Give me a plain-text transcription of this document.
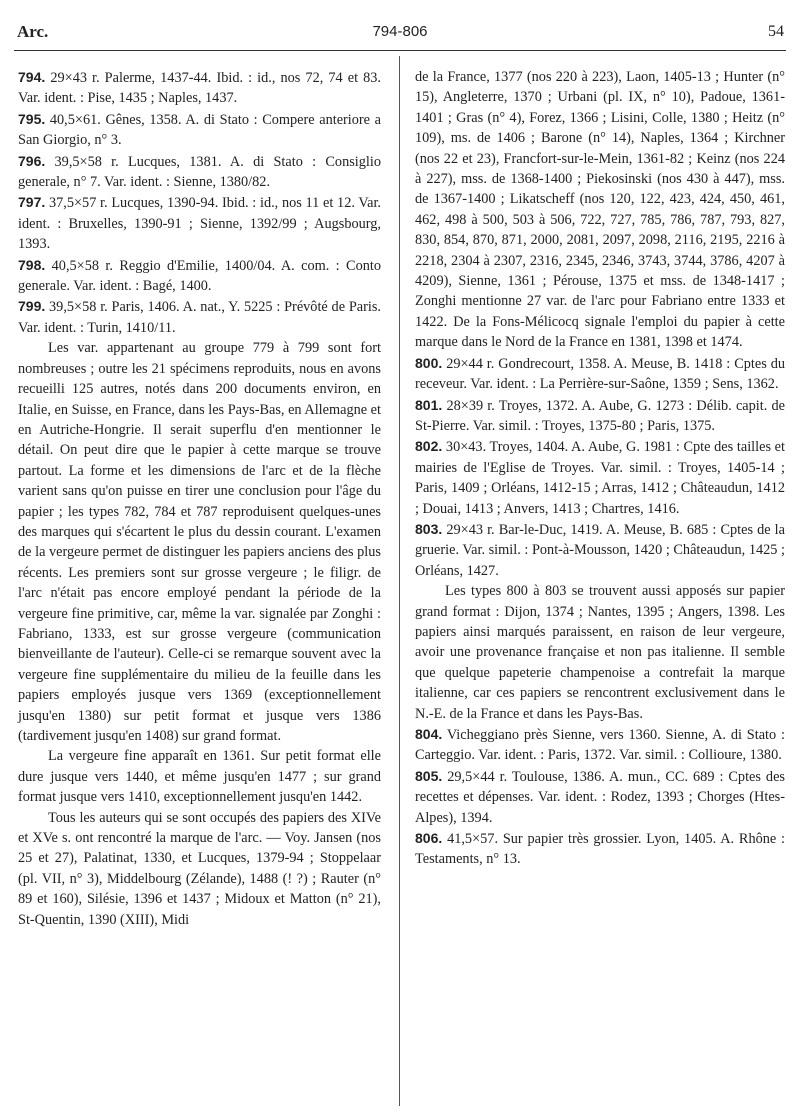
Arc.	794-806	54

794. 29×43 r. Palerme, 1437-44. Ibid. : id., nos 72, 74 et 83. Var. ident. : Pise, 1435 ; Naples, 1437.

795. 40,5×61. Gênes, 1358. A. di Stato : Compere anteriore a San Giorgio, n° 3.

796. 39,5×58 r. Lucques, 1381. A. di Stato : Consiglio generale, n° 7. Var. ident. : Sienne, 1380/82.

797. 37,5×57 r. Lucques, 1390-94. Ibid. : id., nos 11 et 12. Var. ident. : Bruxelles, 1390-91 ; Sienne, 1392/99 ; Augsbourg, 1393.

798. 40,5×58 r. Reggio d'Emilie, 1400/04. A. com. : Conto generale. Var. ident. : Bagé, 1400.

799. 39,5×58 r. Paris, 1406. A. nat., Y. 5225 : Prévôté de Paris. Var. ident. : Turin, 1410/11.

Les var. appartenant au groupe 779 à 799 sont fort nombreuses ; outre les 21 spécimens reproduits, nous en avons recueilli 125 autres, notés dans 200 documents environ, en Italie, en Suisse, en France, dans les Pays-Bas, en Allemagne et en Autriche-Hongrie. Il serait superflu d'en mentionner le détail. On peut dire que le papier à cette marque se trouve partout. La forme et les dimensions de l'arc et de la flèche varient sans qu'on puisse en tirer une conclusion pour l'âge du papier ; les types 782, 784 et 787 reproduisent quelques-unes des marques qui s'écartent le plus du dessin courant. L'examen de la vergeure permet de distinguer les papiers anciens des plus récents. Les premiers sont sur grosse vergeure ; le filigr. de l'arc n'était pas encore employé pendant la période de la vergeure fine primitive, car, même la var. signalée par Zonghi : Fabriano, 1333, est sur grosse vergeure (communication bienveillante de l'auteur). Celle-ci se remarque souvent avec la vergeure fine supplémentaire du milieu de la feuille dans les papiers employés jusque vers 1369 (exceptionnellement jusqu'en 1380) sur petit format et jusque vers 1386 (tardivement jusqu'en 1408) sur grand format.

La vergeure fine apparaît en 1361. Sur petit format elle dure jusque vers 1440, et même jusqu'en 1477 ; sur grand format jusque vers 1410, exceptionnellement jusqu'en 1442.

Tous les auteurs qui se sont occupés des papiers des XIVe et XVe s. ont rencontré la marque de l'arc. — Voy. Jansen (nos 25 et 27), Palatinat, 1330, et Lucques, 1379-94 ; Stoppelaar (pl. VII, n° 3), Middelbourg (Zélande), 1488 (! ?) ; Rauter (n° 89 et 160), Silésie, 1396 et 1437 ; Midoux et Matton (n° 21), St-Quentin, 1390 (XIII), Midi

de la France, 1377 (nos 220 à 223), Laon, 1405-13 ; Hunter (n° 15), Angleterre, 1370 ; Urbani (pl. IX, n° 10), Padoue, 1361-1401 ; Gras (n° 4), Forez, 1366 ; Lisini, Colle, 1380 ; Heitz (n° 109), ms. de 1406 ; Barone (n° 14), Naples, 1364 ; Kirchner (nos 22 et 23), Francfort-sur-le-Mein, 1361-82 ; Keinz (nos 224 à 227), mss. de 1368-1400 ; Piekosinski (nos 430 à 447), mss. de 1367-1400 ; Likatscheff (nos 120, 122, 423, 424, 450, 461, 462, 498 à 500, 503 à 506, 722, 727, 785, 786, 787, 793, 827, 830, 854, 870, 871, 2000, 2081, 2097, 2098, 2116, 2195, 2216 à 2218, 2304 à 2307, 2316, 2345, 2346, 3743, 3744, 3786, 4207 à 4209), Sienne, 1361 ; Pérouse, 1375 et mss. de 1348-1417 ; Zonghi mentionne 27 var. de l'arc pour Fabriano entre 1333 et 1422. De la Fons-Mélicocq signale l'emploi du papier à cette marque dans le Nord de la France en 1381, 1398 et 1474.

800. 29×44 r. Gondrecourt, 1358. A. Meuse, B. 1418 : Cptes du receveur. Var. ident. : La Perrière-sur-Saône, 1359 ; Sens, 1362.

801. 28×39 r. Troyes, 1372. A. Aube, G. 1273 : Délib. capit. de St-Pierre. Var. simil. : Troyes, 1375-80 ; Paris, 1375.

802. 30×43. Troyes, 1404. A. Aube, G. 1981 : Cpte des tailles et mairies de l'Eglise de Troyes. Var. simil. : Troyes, 1405-14 ; Paris, 1409 ; Orléans, 1412-15 ; Arras, 1412 ; Châteaudun, 1412 ; Douai, 1413 ; Anvers, 1413 ; Chartres, 1416.

803. 29×43 r. Bar-le-Duc, 1419. A. Meuse, B. 685 : Cptes de la gruerie. Var. simil. : Pont-à-Mousson, 1420 ; Châteaudun, 1425 ; Orléans, 1427.

Les types 800 à 803 se trouvent aussi apposés sur papier grand format : Dijon, 1374 ; Nantes, 1395 ; Angers, 1398. Les papiers ainsi marqués paraissent, en raison de leur vergeure, avoir une provenance française et non pas italienne. Il semble que quelque papeterie champenoise a contrefait la marque italienne, car ces papiers se rencontrent exclusivement dans le N.-E. de la France et dans les Pays-Bas.

804. Vicheggiano près Sienne, vers 1360. Sienne, A. di Stato : Carteggio. Var. ident. : Paris, 1372. Var. simil. : Collioure, 1380.

805. 29,5×44 r. Toulouse, 1386. A. mun., CC. 689 : Cptes des recettes et dépenses. Var. ident. : Rodez, 1393 ; Chorges (Htes-Alpes), 1394.

806. 41,5×57. Sur papier très grossier. Lyon, 1405. A. Rhône : Testaments, n° 13.
